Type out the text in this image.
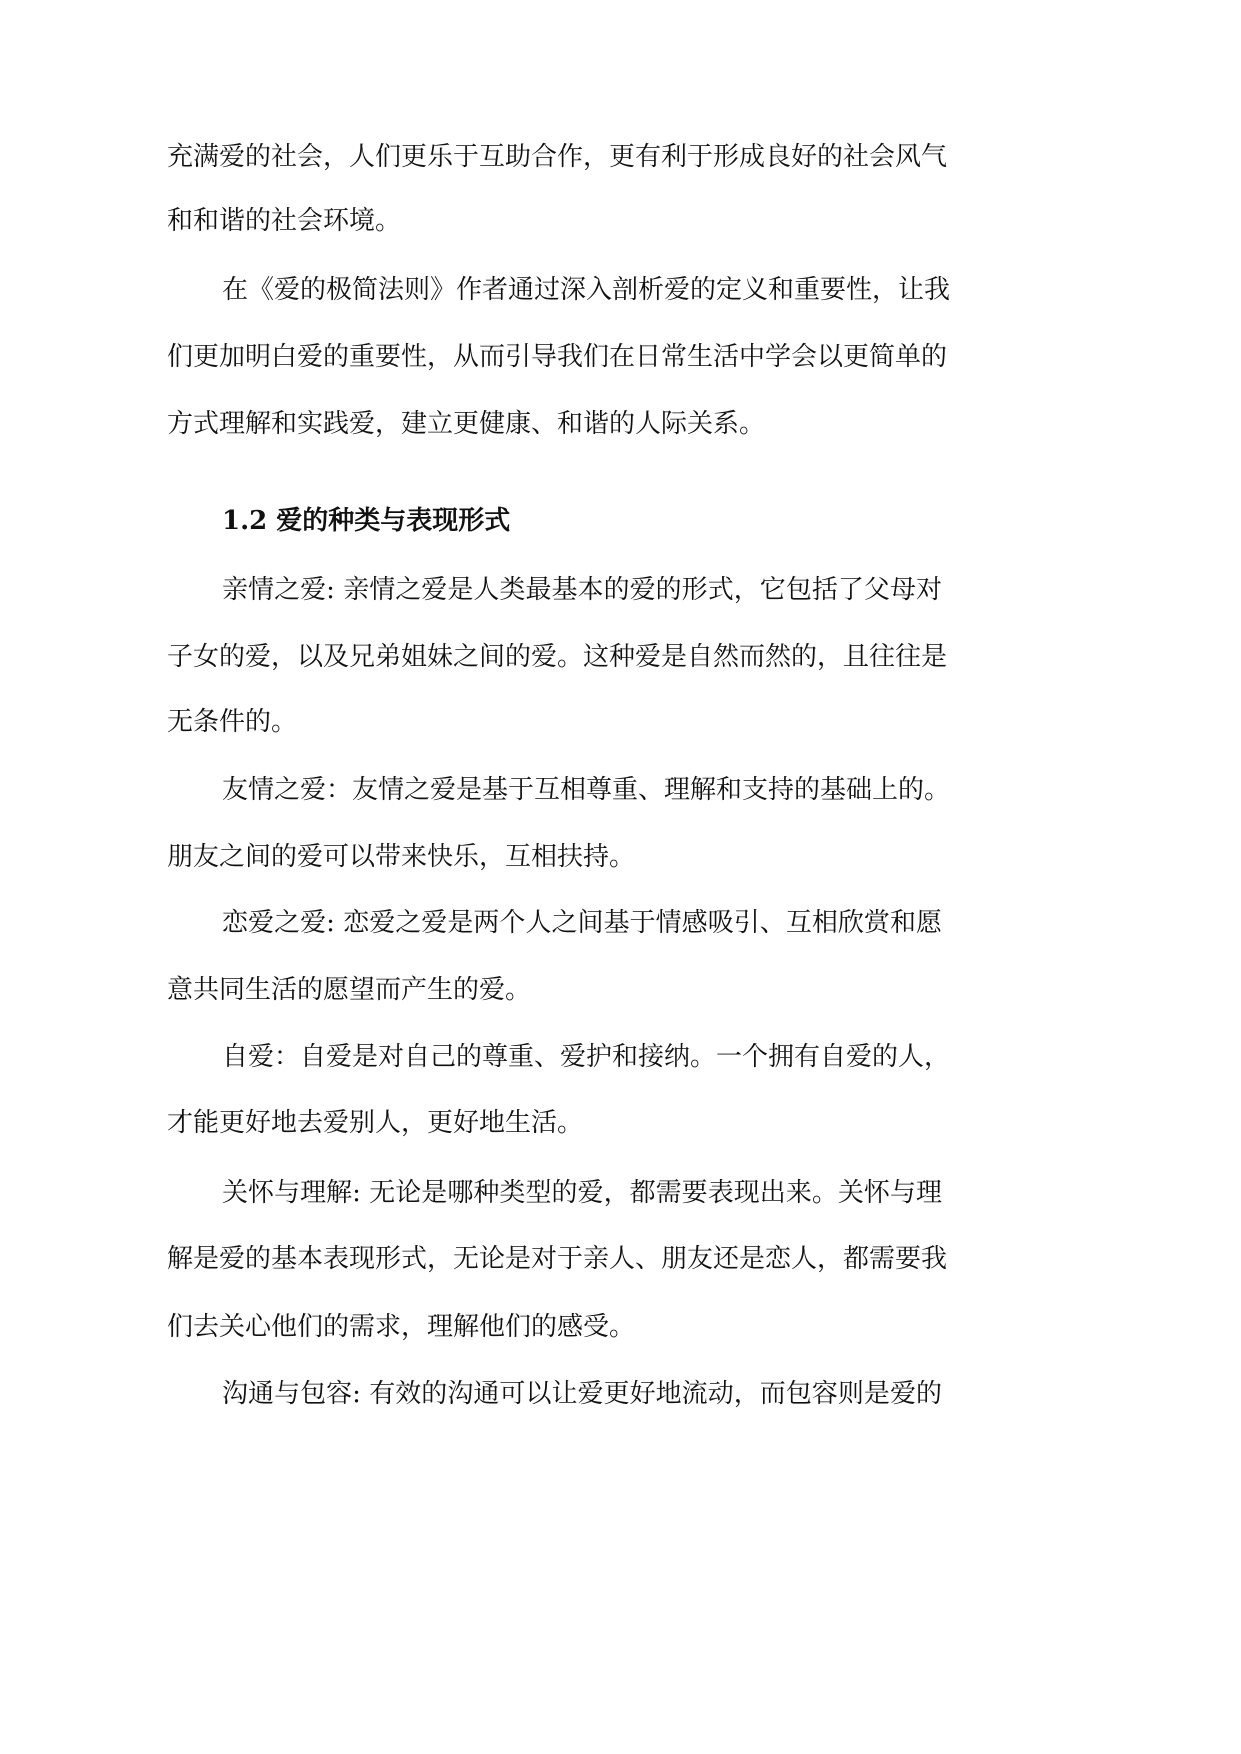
充满爱的社会，人们更乐于互助合作，更有利于形成良好的社会风气
和和谐的社会环境。
在《爱的极简法则》作者通过深入剖析爱的定义和重要性，让我
们更加明白爱的重要性，从而引导我们在日常生活中学会以更简单的
方式理解和实践爱，建立更健康、和谐的人际关系。
1.2 爱的种类与表现形式
亲情之爱: 亲情之爱是人类最基本的爱的形式，它包括了父母对
子女的爱，以及兄弟姐妹之间的爱。这种爱是自然而然的，且往往是
无条件的。
友情之爱：友情之爱是基于互相尊重、理解和支持的基础上的。
朋友之间的爱可以带来快乐，互相扶持。
恋爱之爱: 恋爱之爱是两个人之间基于情感吸引、互相欣赏和愿
意共同生活的愿望而产生的爱。
自爱：自爱是对自己的尊重、爱护和接纳。一个拥有自爱的人，
才能更好地去爱别人，更好地生活。
关怀与理解: 无论是哪种类型的爱，都需要表现出来。关怀与理
解是爱的基本表现形式，无论是对于亲人、朋友还是恋人，都需要我
们去关心他们的需求，理解他们的感受。
沟通与包容: 有效的沟通可以让爱更好地流动，而包容则是爱的
